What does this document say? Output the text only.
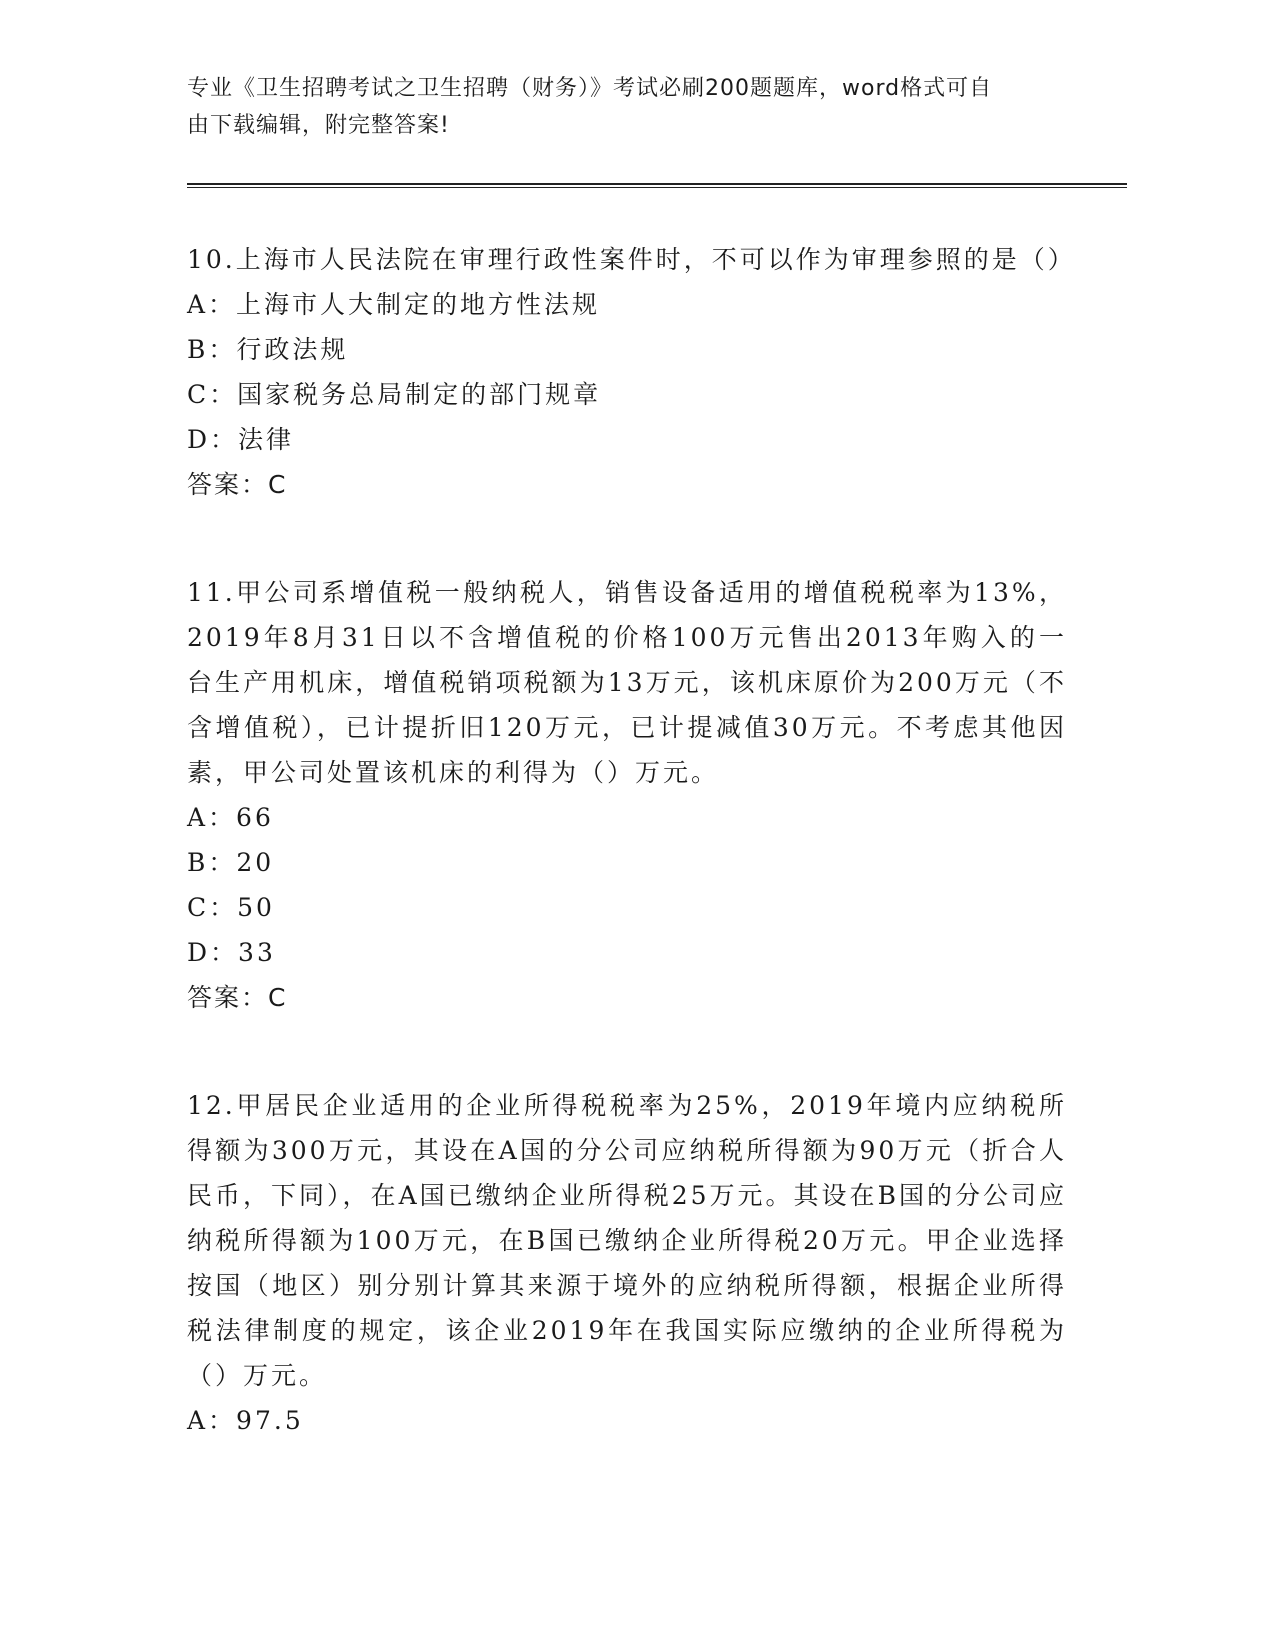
专业《卫生招聘考试之卫生招聘（财务）》考试必刷200题题库，word格式可自
由下载编辑，附完整答案!
10.上海市人民法院在审理行政性案件时，不可以作为审理参照的是（）
A：上海市人大制定的地方性法规
B：行政法规
C：国家税务总局制定的部门规章
D：法律
答案：C
11.甲公司系增值税一般纳税人，销售设备适用的增值税税率为13%，2019年8月31日以不含增值税的价格100万元售出2013年购入的一台生产用机床，增值税销项税额为13万元，该机床原价为200万元（不含增值税），已计提折旧120万元，已计提减值30万元。不考虑其他因素，甲公司处置该机床的利得为（）万元。
A：66
B：20
C：50
D：33
答案：C
12.甲居民企业适用的企业所得税税率为25%，2019年境内应纳税所得额为300万元，其设在A国的分公司应纳税所得额为90万元（折合人民币，下同），在A国已缴纳企业所得税25万元。其设在B国的分公司应纳税所得额为100万元，在B国已缴纳企业所得税20万元。甲企业选择按国（地区）别分别计算其来源于境外的应纳税所得额，根据企业所得税法律制度的规定，该企业2019年在我国实际应缴纳的企业所得税为（）万元。
A：97.5
